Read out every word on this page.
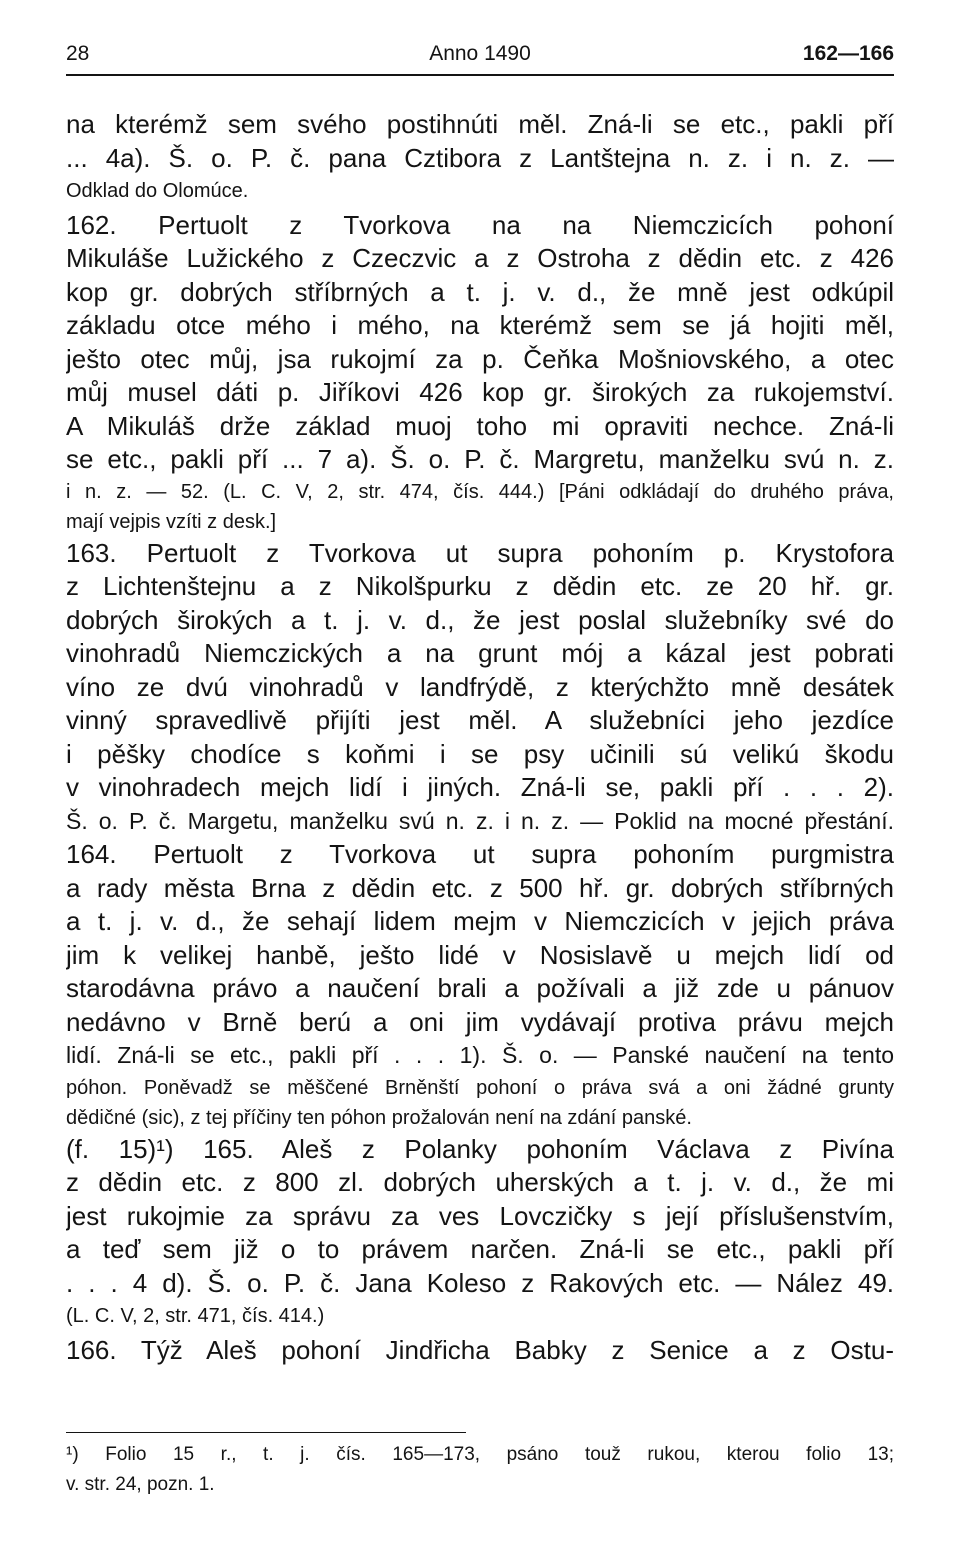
28	Anno 1490	162—166
na kterémž sem svého postihnúti měl. Zná-li se etc., pakli pří
... 4a). Š. o. P. č. pana Cztibora z Lantštejna n. z. i n. z. —
Odklad do Olomúce.
162. Pertuolt z Tvorkova na na Niemczicích pohoní
Mikuláše Lužického z Czeczvic a z Ostroha z dědin etc. z 426
kop gr. dobrých stříbrných a t. j. v. d., že mně jest odkúpil
základu otce mého i mého, na kterémž sem se já hojiti měl,
ješto otec můj, jsa rukojmí za p. Čeňka Mošniovského, a otec
můj musel dáti p. Jiříkovi 426 kop gr. širokých za rukojemství.
A Mikuláš drže základ muoj toho mi opraviti nechce. Zná-li
se etc., pakli pří ... 7 a). Š. o. P. č. Margretu, manželku svú n. z.
i n. z. — 52. (L. C. V, 2, str. 474, čís. 444.) [Páni odkládají do druhého práva,
mají vejpis vzíti z desk.]
163. Pertuolt z Tvorkova ut supra pohoním p. Krystofora
z Lichtenštejnu a z Nikolšpurku z dědin etc. ze 20 hř. gr.
dobrých širokých a t. j. v. d., že jest poslal služebníky své do
vinohradů Niemczických a na grunt mój a kázal jest pobrati
víno ze dvú vinohradů v landfrýdě, z kterýchžto mně desátek
vinný spravedlivě přijíti jest měl. A služebníci jeho jezdíce
i pěšky chodíce s koňmi i se psy učinili sú velikú škodu
v vinohradech mejch lidí i jiných. Zná-li se, pakli pří . . . 2).
Š. o. P. č. Margetu, manželku svú n. z. i n. z. — Poklid na mocné přestání.
164. Pertuolt z Tvorkova ut supra pohoním purgmistra
a rady města Brna z dědin etc. z 500 hř. gr. dobrých stříbrných
a t. j. v. d., že sehají lidem mejm v Niemczicích v jejich práva
jim k velikej hanbě, ješto lidé v Nosislavě u mejch lidí od
starodávna právo a naučení brali a požívali a již zde u pánuov
nedávno v Brně berú a oni jim vydávají protiva právu mejch
lidí. Zná-li se etc., pakli pří . . . 1). Š. o. — Panské naučení na tento
póhon. Poněvadž se měščené Brněnští pohoní o práva svá a oni žádné grunty
dědičné (sic), z tej příčiny ten póhon prožalován není na zdání panské.
(f. 15)¹) 165. Aleš z Polanky pohoním Václava z Pivína
z dědin etc. z 800 zl. dobrých uherských a t. j. v. d., že mi
jest rukojmie za správu za ves Lovczičky s její příslušenstvím,
a teď sem již o to právem narčen. Zná-li se etc., pakli pří
. . . 4 d). Š. o. P. č. Jana Koleso z Rakových etc. — Nález 49.
(L. C. V, 2, str. 471, čís. 414.)
166. Týž Aleš pohoní Jindřicha Babky z Senice a z Ostu-
¹) Folio 15 r., t. j. čís. 165—173, psáno touž rukou, kterou folio 13;
v. str. 24, pozn. 1.
